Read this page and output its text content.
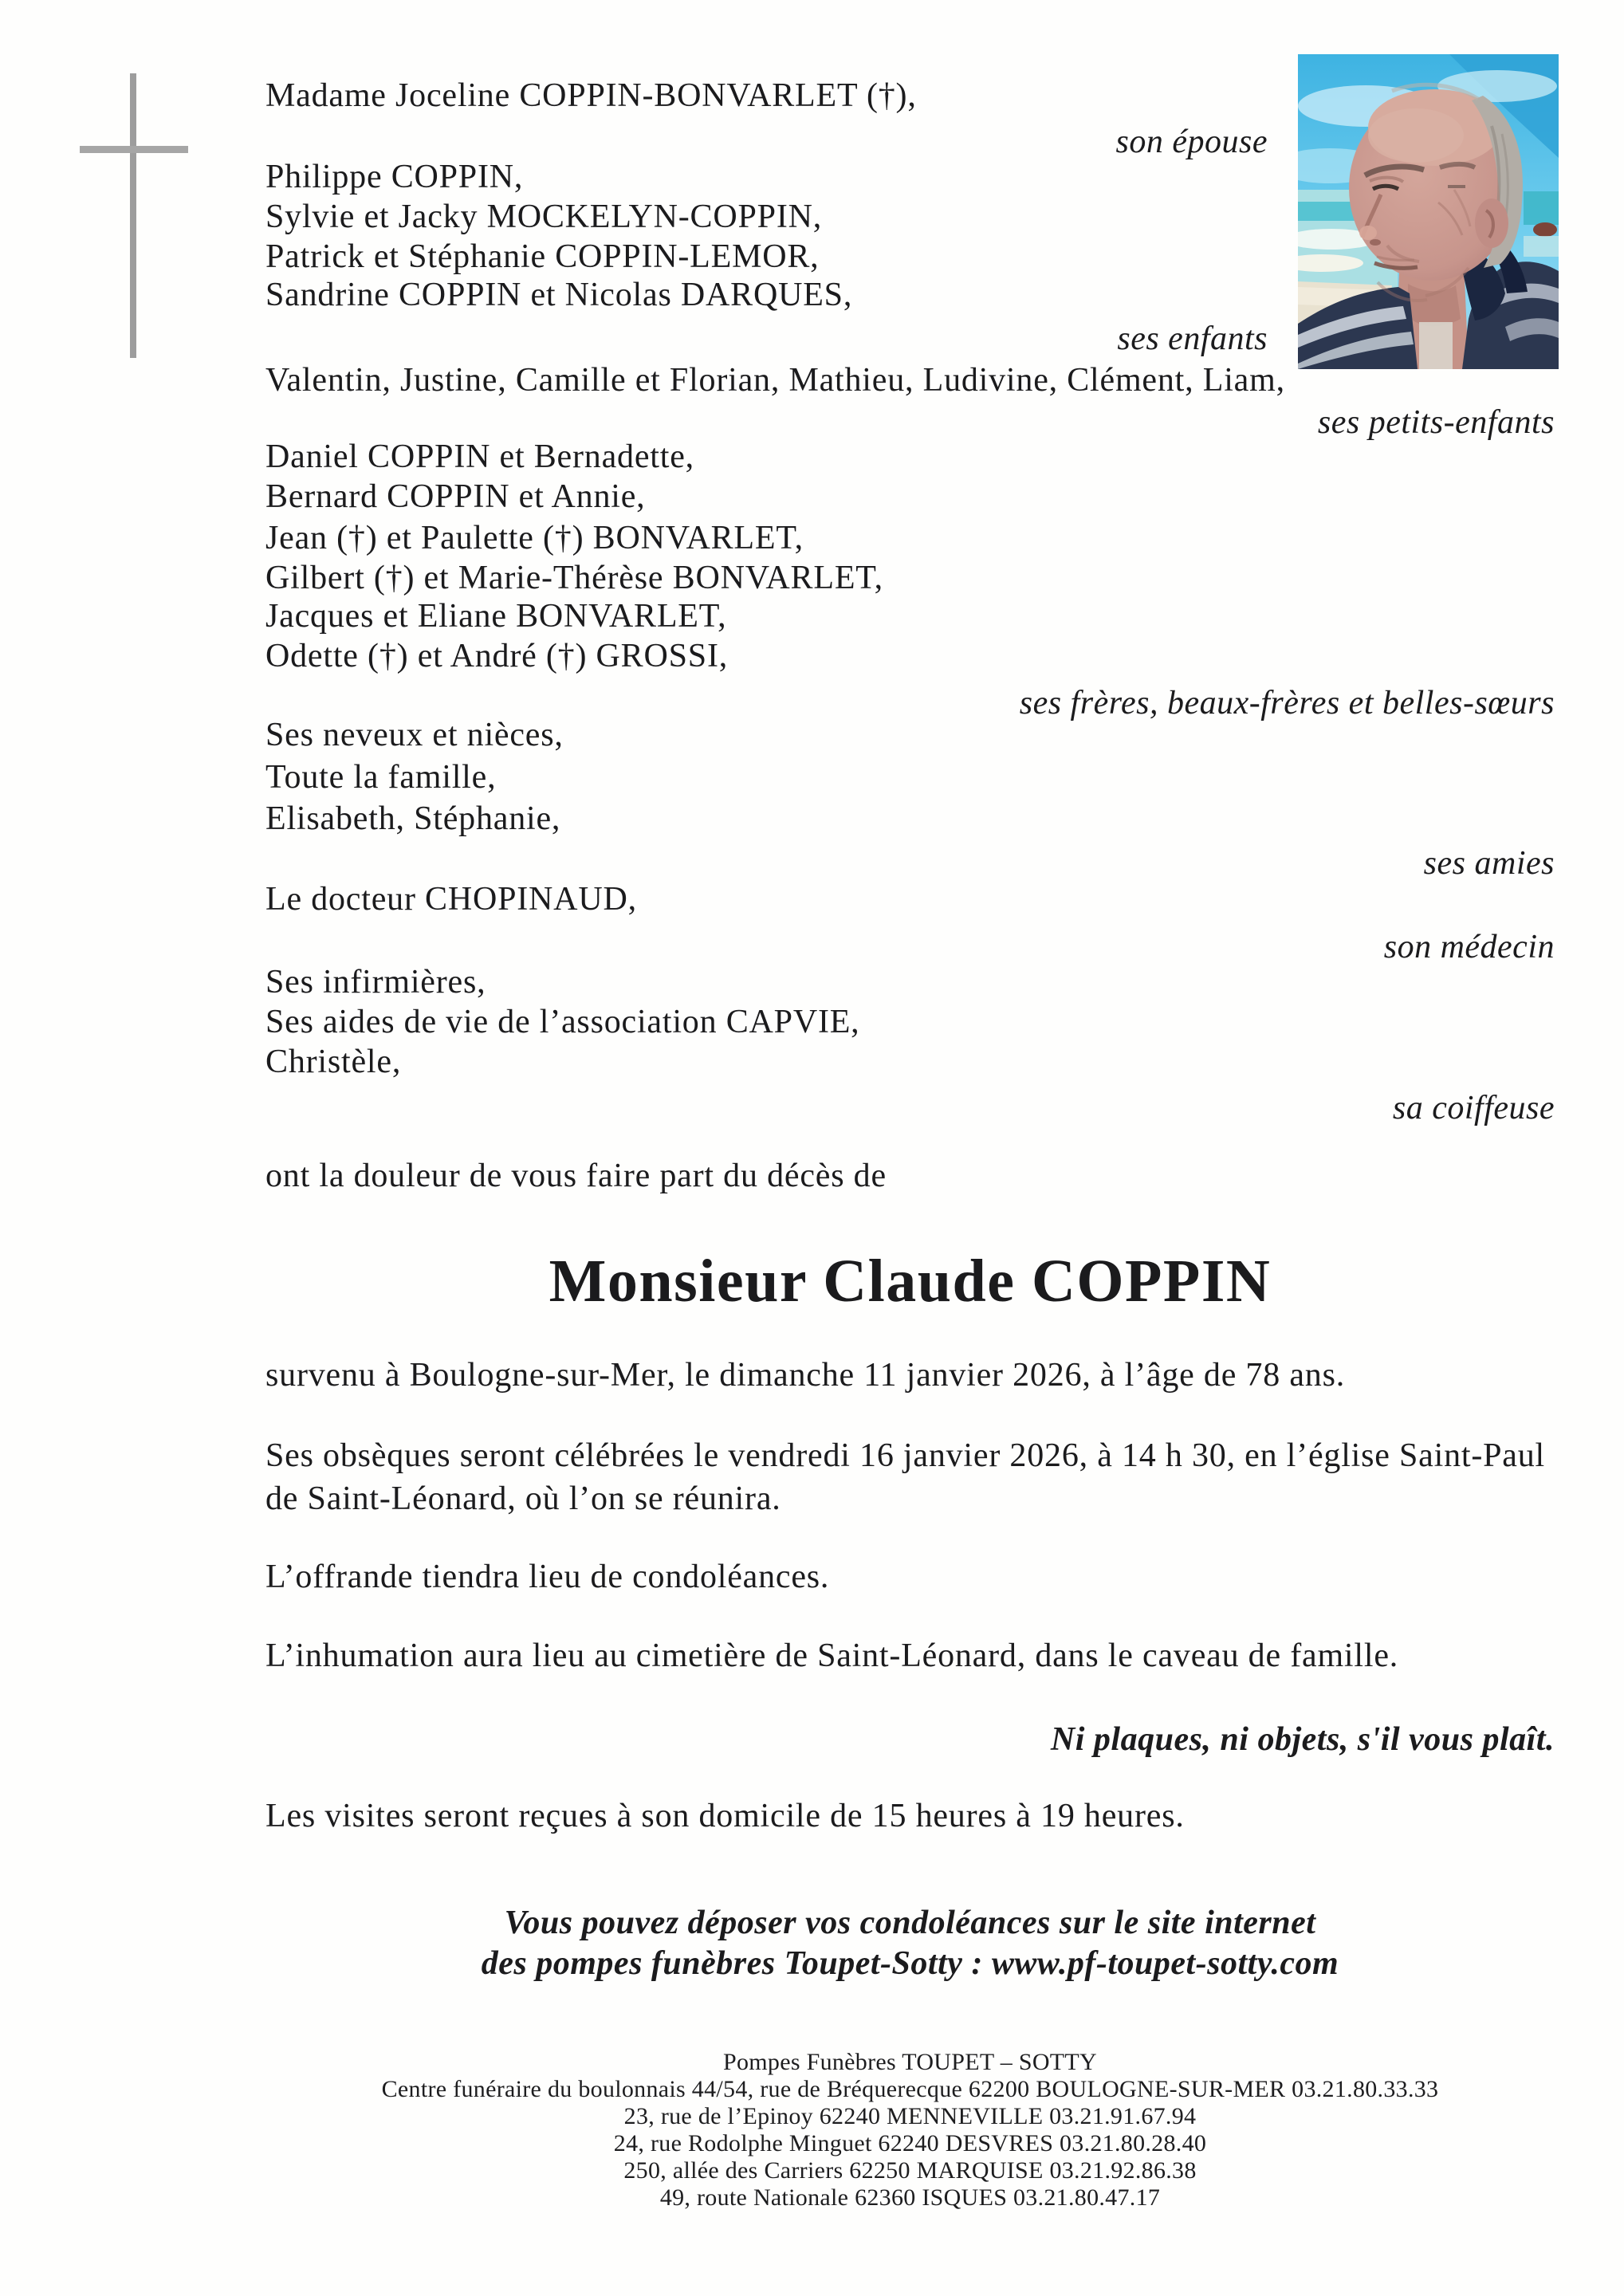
Madame Joceline COPPIN-BONVARLET (†),
son épouse
Philippe COPPIN,
Sylvie et Jacky MOCKELYN-COPPIN,
Patrick et Stéphanie COPPIN-LEMOR,
Sandrine COPPIN et Nicolas DARQUES,
ses enfants
Valentin, Justine, Camille et Florian, Mathieu, Ludivine, Clément, Liam,
ses petits-enfants
Daniel COPPIN et Bernadette,
Bernard COPPIN et Annie,
Jean (†) et Paulette (†) BONVARLET,
Gilbert (†) et Marie-Thérèse BONVARLET,
Jacques et Eliane BONVARLET,
Odette (†) et André (†) GROSSI,
ses frères, beaux-frères et belles-sœurs
Ses neveux et nièces,
Toute la famille,
Elisabeth, Stéphanie,
ses amies
Le docteur CHOPINAUD,
son médecin
Ses infirmières,
Ses aides de vie de l’association CAPVIE,
Christèle,
sa coiffeuse
ont la douleur de vous faire part du décès de
Monsieur Claude COPPIN
survenu à Boulogne-sur-Mer, le dimanche 11 janvier 2026, à l’âge de 78 ans.
Ses obsèques seront célébrées le vendredi 16 janvier 2026, à 14 h 30, en l’église Saint-Paul de Saint-Léonard, où l’on se réunira.
L’offrande tiendra lieu de condoléances.
L’inhumation aura lieu au cimetière de Saint-Léonard, dans le caveau de famille.
Ni plaques, ni objets, s'il vous plaît.
Les visites seront reçues à son domicile de 15 heures à 19 heures.
Vous pouvez déposer vos condoléances sur le site internet
des pompes funèbres Toupet-Sotty : www.pf-toupet-sotty.com
Pompes Funèbres TOUPET – SOTTY
Centre funéraire du boulonnais 44/54, rue de Bréquerecque 62200 BOULOGNE-SUR-MER 03.21.80.33.33
23, rue de l’Epinoy 62240 MENNEVILLE 03.21.91.67.94
24, rue Rodolphe Minguet 62240 DESVRES 03.21.80.28.40
250, allée des Carriers 62250 MARQUISE 03.21.92.86.38
49, route Nationale 62360 ISQUES 03.21.80.47.17
